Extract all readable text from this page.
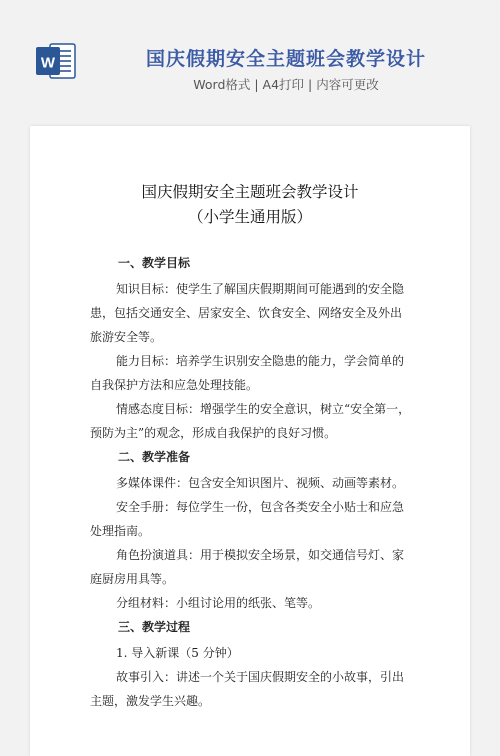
W	国庆假期安全主题班会教学设计
Word格式 | A4打印 | 内容可更改
国庆假期安全主题班会教学设计
（小学生通用版）
一、教学目标
知识目标：使学生了解国庆假期期间可能遇到的安全隐
患，包括交通安全、居家安全、饮食安全、网络安全及外出
旅游安全等。
能力目标：培养学生识别安全隐患的能力，学会简单的
自我保护方法和应急处理技能。
情感态度目标：增强学生的安全意识，树立“安全第一，
预防为主”的观念，形成自我保护的良好习惯。
二、教学准备
多媒体课件：包含安全知识图片、视频、动画等素材。
安全手册：每位学生一份，包含各类安全小贴士和应急
处理指南。
角色扮演道具：用于模拟安全场景，如交通信号灯、家
庭厨房用具等。
分组材料：小组讨论用的纸张、笔等。
三、教学过程
1. 导入新课（5 分钟）
故事引入：讲述一个关于国庆假期安全的小故事，引出
主题，激发学生兴趣。
